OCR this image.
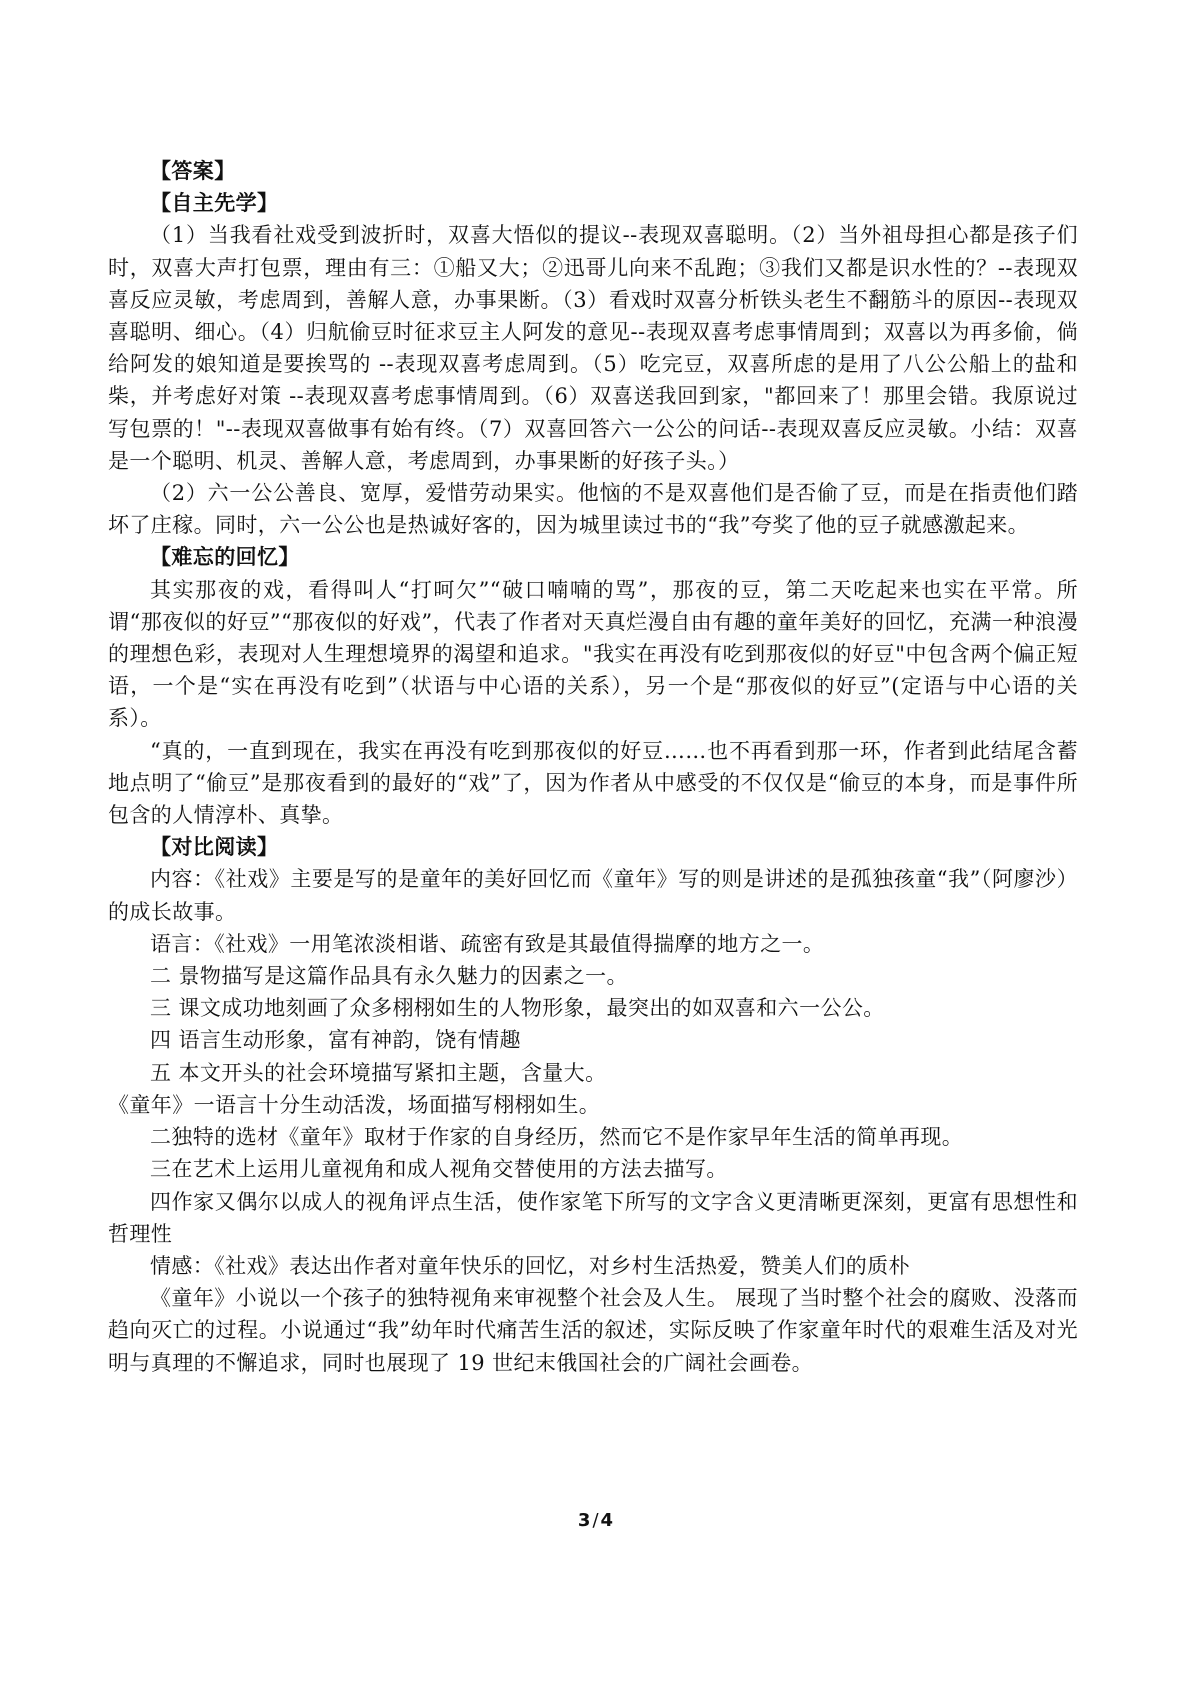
【答案】

【自主先学】

（1）当我看社戏受到波折时，双喜大悟似的提议--表现双喜聪明。（2）当外祖母担心都是孩子们时，双喜大声打包票，理由有三：①船又大；②迅哥儿向来不乱跑；③我们又都是识水性的？--表现双喜反应灵敏，考虑周到，善解人意，办事果断。（3）看戏时双喜分析铁头老生不翻筋斗的原因--表现双喜聪明、细心。（4）归航偷豆时征求豆主人阿发的意见--表现双喜考虑事情周到；双喜以为再多偷，倘给阿发的娘知道是要挨骂的 --表现双喜考虑周到。（5）吃完豆，双喜所虑的是用了八公公船上的盐和柴，并考虑好对策 --表现双喜考虑事情周到。（6）双喜送我回到家，"都回来了！那里会错。我原说过写包票的！"--表现双喜做事有始有终。（7）双喜回答六一公公的问话--表现双喜反应灵敏。小结：双喜是一个聪明、机灵、善解人意，考虑周到，办事果断的好孩子头。）

（2）六一公公善良、宽厚，爱惜劳动果实。他恼的不是双喜他们是否偷了豆，而是在指责他们踏坏了庄稼。同时，六一公公也是热诚好客的，因为城里读过书的“我”夸奖了他的豆子就感激起来。

【难忘的回忆】

其实那夜的戏，看得叫人“打呵欠”“破口喃喃的骂”，那夜的豆，第二天吃起来也实在平常。所谓“那夜似的好豆”“那夜似的好戏”，代表了作者对天真烂漫自由有趣的童年美好的回忆，充满一种浪漫的理想色彩，表现对人生理想境界的渴望和追求。"我实在再没有吃到那夜似的好豆"中包含两个偏正短语，一个是“实在再没有吃到”（状语与中心语的关系），另一个是“那夜似的好豆”(定语与中心语的关系）。

“真的，一直到现在，我实在再没有吃到那夜似的好豆……也不再看到那一环，作者到此结尾含蓄地点明了“偷豆”是那夜看到的最好的“戏”了，因为作者从中感受的不仅仅是“偷豆的本身，而是事件所包含的人情淳朴、真挚。

【对比阅读】

内容：《社戏》主要是写的是童年的美好回忆而《童年》写的则是讲述的是孤独孩童“我”（阿廖沙）的成长故事。

语言：《社戏》一用笔浓淡相谐、疏密有致是其最值得揣摩的地方之一。

二 景物描写是这篇作品具有永久魅力的因素之一。

三 课文成功地刻画了众多栩栩如生的人物形象，最突出的如双喜和六一公公。

四 语言生动形象，富有神韵，饶有情趣

五 本文开头的社会环境描写紧扣主题，含量大。

《童年》一语言十分生动活泼，场面描写栩栩如生。

二独特的选材《童年》取材于作家的自身经历，然而它不是作家早年生活的简单再现。

三在艺术上运用儿童视角和成人视角交替使用的方法去描写。

四作家又偶尔以成人的视角评点生活，使作家笔下所写的文字含义更清晰更深刻，更富有思想性和哲理性

情感：《社戏》表达出作者对童年快乐的回忆，对乡村生活热爱，赞美人们的质朴

《童年》小说以一个孩子的独特视角来审视整个社会及人生。 展现了当时整个社会的腐败、没落而趋向灭亡的过程。小说通过“我”幼年时代痛苦生活的叙述，实际反映了作家童年时代的艰难生活及对光明与真理的不懈追求，同时也展现了 19 世纪末俄国社会的广阔社会画卷。

3 / 4
